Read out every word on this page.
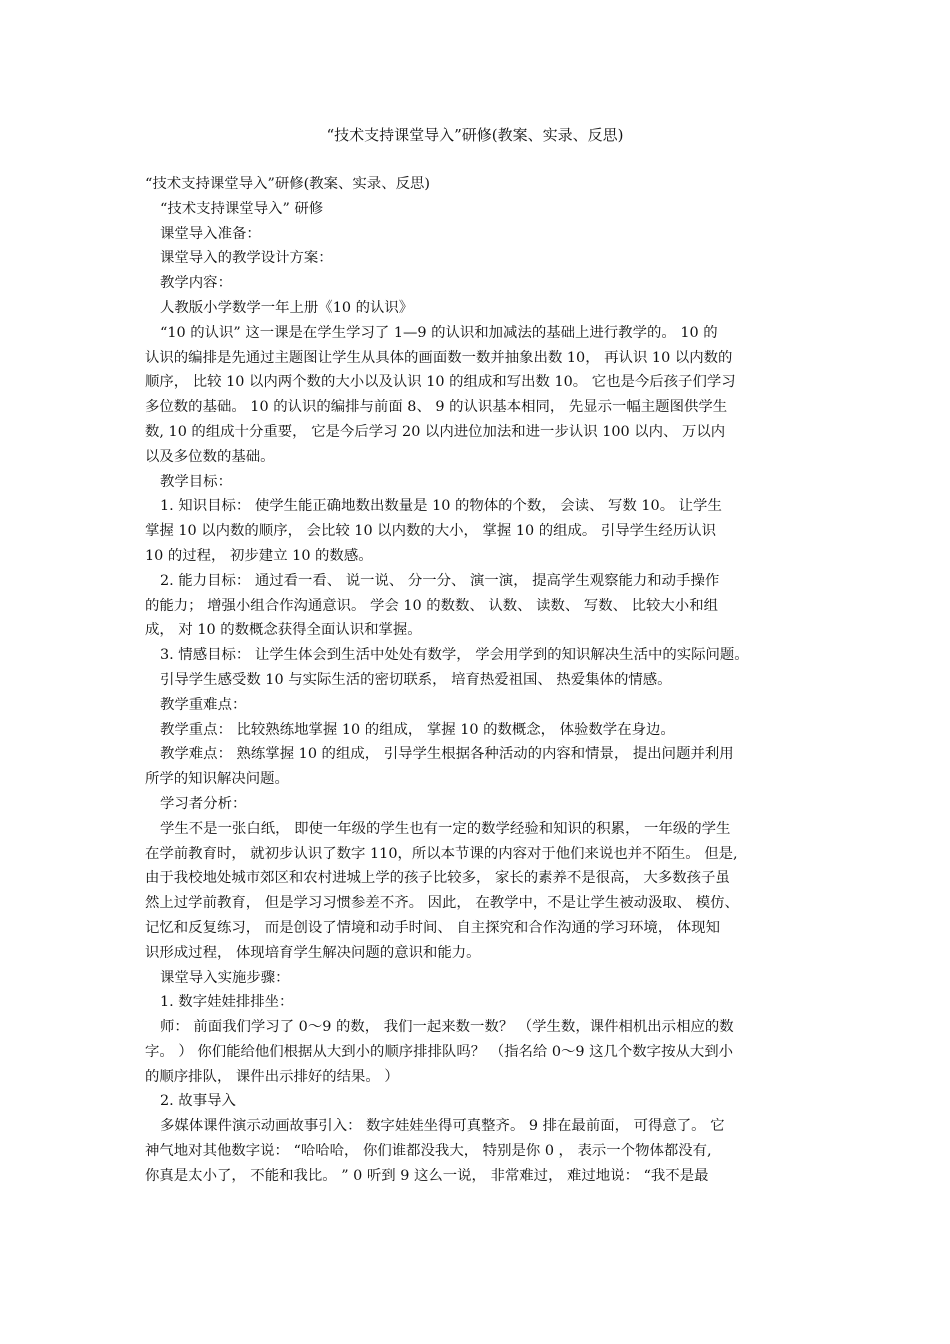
“技术支持课堂导入”研修(教案、实录、反思)

“技术支持课堂导入”研修(教案、实录、反思)

“技术支持课堂导入” 研修

课堂导入准备：

课堂导入的教学设计方案：

教学内容：

人教版小学数学一年上册《10 的认识》

“10 的认识” 这一课是在学生学习了 1—9 的认识和加减法的基础上进行教学的。 10 的

认识的编排是先通过主题图让学生从具体的画面数一数并抽象出数 10， 再认识 10 以内数的

顺序， 比较 10 以内两个数的大小以及认识 10 的组成和写出数 10。 它也是今后孩子们学习

多位数的基础。 10 的认识的编排与前面 8、 9 的认识基本相同， 先显示一幅主题图供学生

数, 10 的组成十分重要， 它是今后学习 20 以内进位加法和进一步认识 100 以内、 万以内

以及多位数的基础。

教学目标：

1. 知识目标： 使学生能正确地数出数量是 10 的物体的个数， 会读、 写数 10。 让学生

掌握 10 以内数的顺序， 会比较 10 以内数的大小， 掌握 10 的组成。 引导学生经历认识

10 的过程， 初步建立 10 的数感。

2. 能力目标： 通过看一看、 说一说、 分一分、 演一演， 提高学生观察能力和动手操作

的能力； 增强小组合作沟通意识。 学会 10 的数数、 认数、 读数、 写数、 比较大小和组

成， 对 10 的数概念获得全面认识和掌握。

3. 情感目标： 让学生体会到生活中处处有数学， 学会用学到的知识解决生活中的实际问题。

引导学生感受数 10 与实际生活的密切联系， 培育热爱祖国、 热爱集体的情感。

教学重难点：

教学重点： 比较熟练地掌握 10 的组成， 掌握 10 的数概念， 体验数学在身边。

教学难点： 熟练掌握 10 的组成， 引导学生根据各种活动的内容和情景， 提出问题并利用

所学的知识解决问题。

学习者分析：

学生不是一张白纸， 即使一年级的学生也有一定的数学经验和知识的积累， 一年级的学生

在学前教育时， 就初步认识了数字 110，所以本节课的内容对于他们来说也并不陌生。 但是,

由于我校地处城市郊区和农村进城上学的孩子比较多， 家长的素养不是很高， 大多数孩子虽

然上过学前教育， 但是学习习惯参差不齐。 因此， 在教学中，不是让学生被动汲取、 模仿、

记忆和反复练习， 而是创设了情境和动手时间、 自主探究和合作沟通的学习环境， 体现知

识形成过程， 体现培育学生解决问题的意识和能力。

课堂导入实施步骤：

1. 数字娃娃排排坐：

师： 前面我们学习了 0～9 的数， 我们一起来数一数？ （学生数，课件相机出示相应的数

字。 ） 你们能给他们根据从大到小的顺序排排队吗？ （指名给 0～9 这几个数字按从大到小

的顺序排队， 课件出示排好的结果。 ）

2. 故事导入

多媒体课件演示动画故事引入： 数字娃娃坐得可真整齐。 9 排在最前面， 可得意了。 它

神气地对其他数字说： “哈哈哈， 你们谁都没我大， 特别是你 0 ， 表示一个物体都没有,

你真是太小了， 不能和我比。 ” 0 听到 9 这么一说， 非常难过， 难过地说： “我不是最
